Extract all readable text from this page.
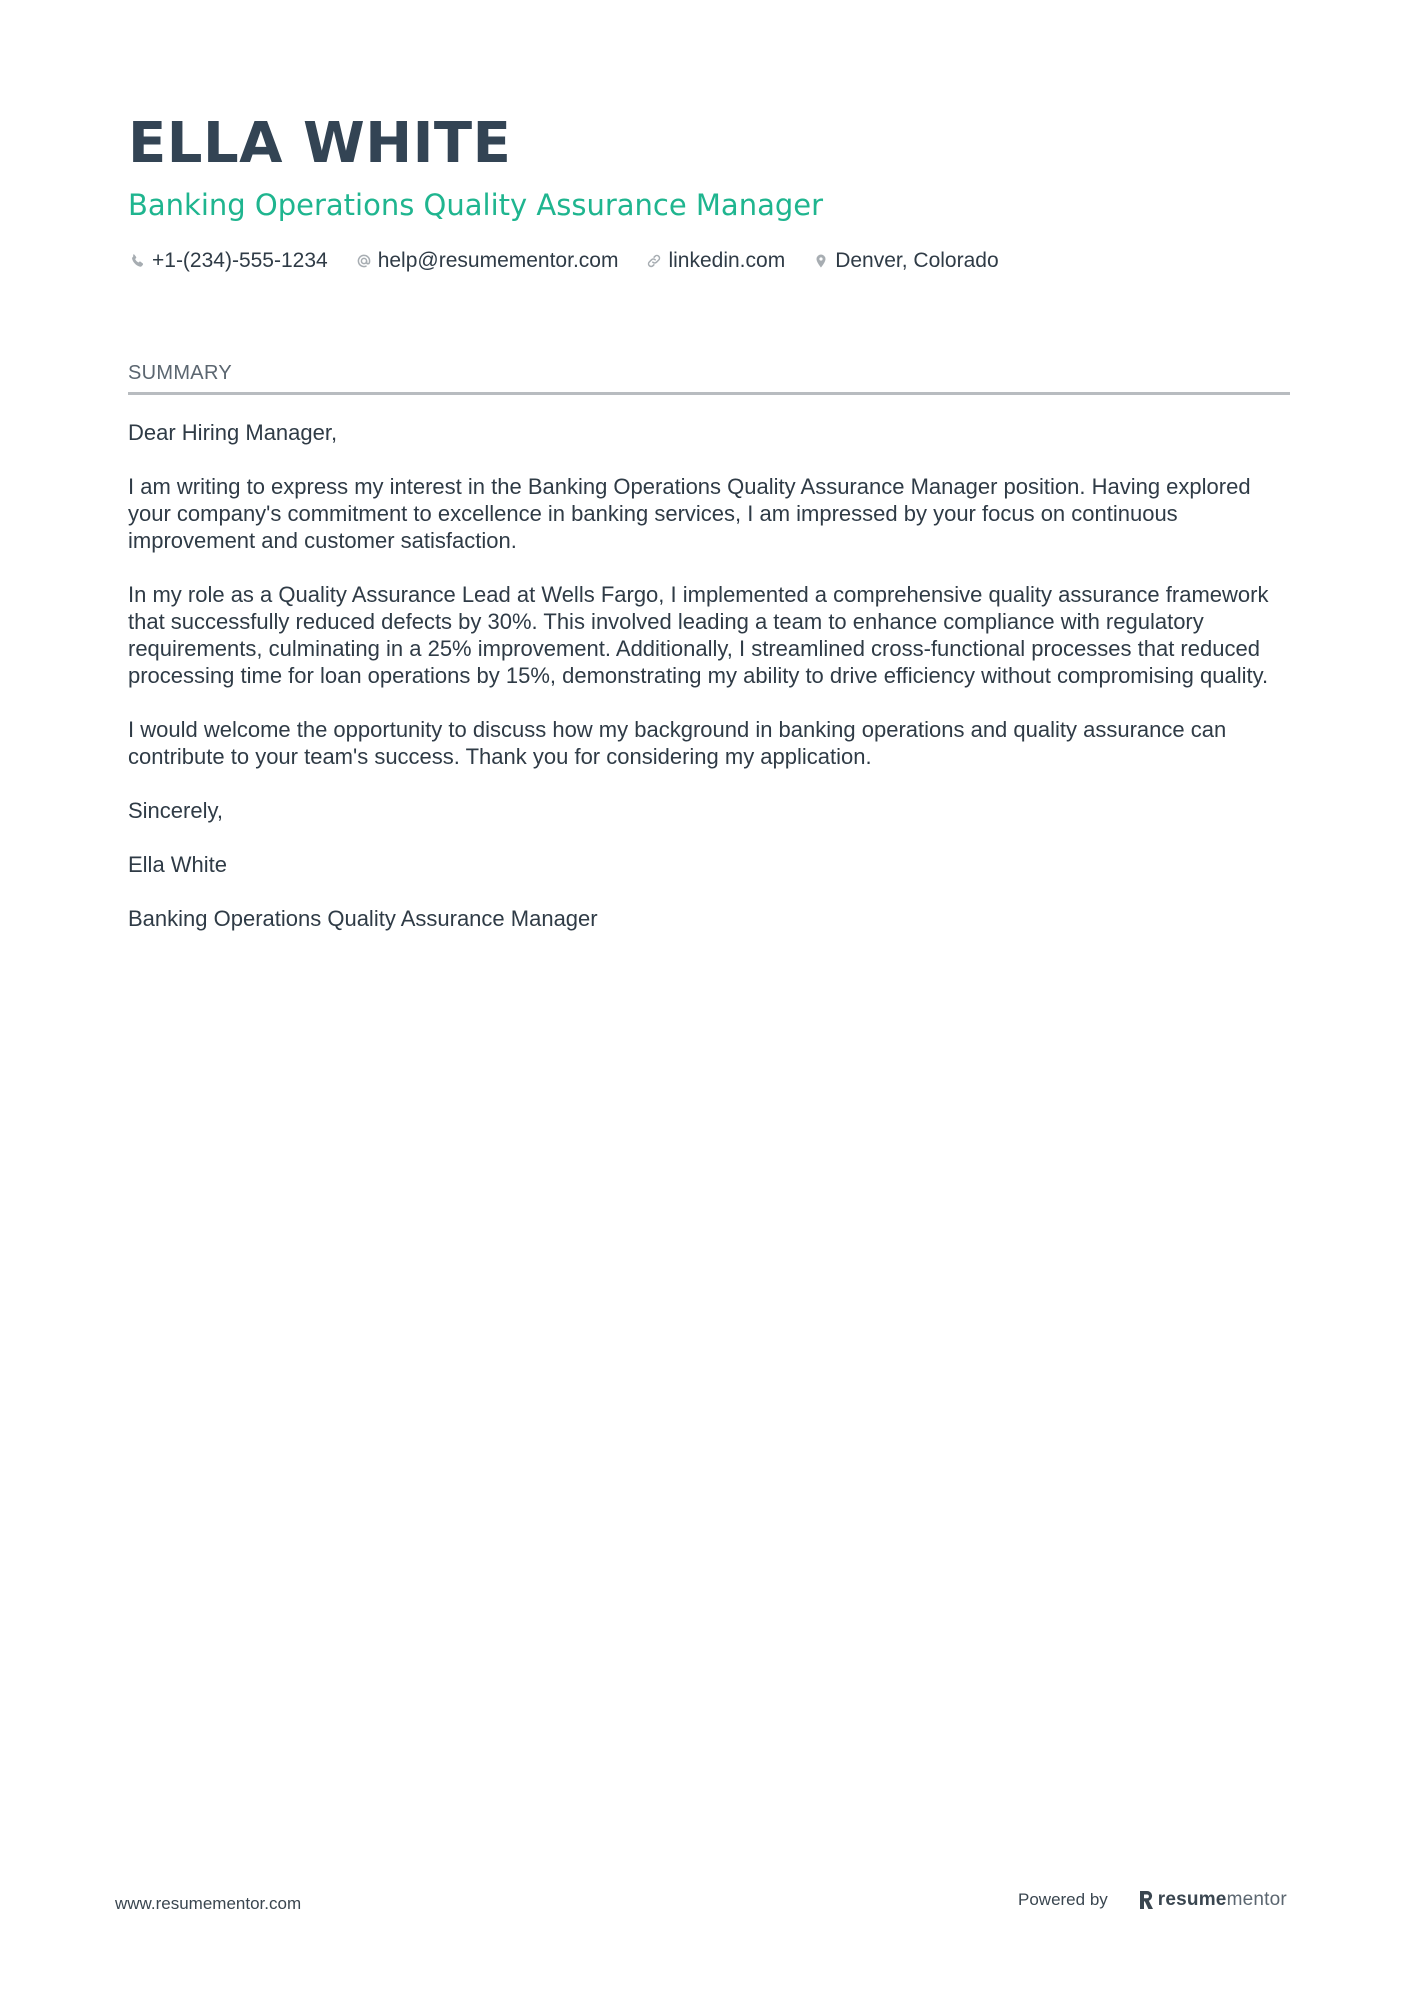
ELLA WHITE
Banking Operations Quality Assurance Manager
+1-(234)-555-1234 help@resumementor.com linkedin.com Denver, Colorado
SUMMARY

Dear Hiring Manager,

I am writing to express my interest in the Banking Operations Quality Assurance Manager position. Having explored your company's commitment to excellence in banking services, I am impressed by your focus on continuous improvement and customer satisfaction.

In my role as a Quality Assurance Lead at Wells Fargo, I implemented a comprehensive quality assurance framework that successfully reduced defects by 30%. This involved leading a team to enhance compliance with regulatory requirements, culminating in a 25% improvement. Additionally, I streamlined cross-functional processes that reduced processing time for loan operations by 15%, demonstrating my ability to drive efficiency without compromising quality.

I would welcome the opportunity to discuss how my background in banking operations and quality assurance can contribute to your team's success. Thank you for considering my application.

Sincerely,

Ella White

Banking Operations Quality Assurance Manager

www.resumementor.com	Powered by	resumementor
